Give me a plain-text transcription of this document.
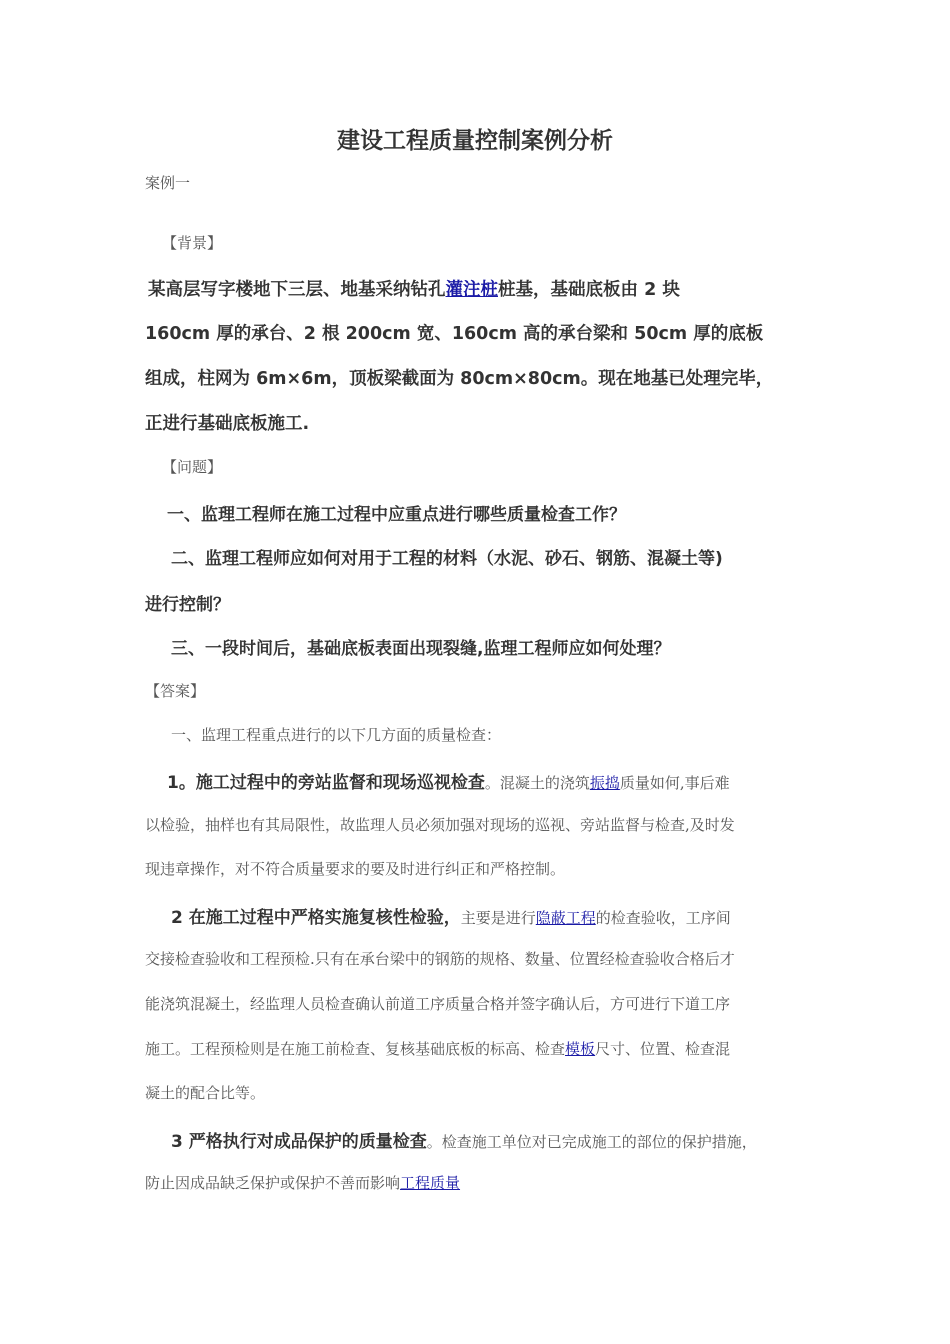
建设工程质量控制案例分析
案例一
【背景】
某高层写字楼地下三层、地基采纳钻孔灌注桩桩基，基础底板由 2 块
160cm 厚的承台、2 根 200cm 宽、160cm 高的承台梁和 50cm 厚的底板
组成，柱网为 6m×6m，顶板梁截面为 80cm×80cm。现在地基已处理完毕，
正进行基础底板施工.
【问题】
一、监理工程师在施工过程中应重点进行哪些质量检查工作？
二、监理工程师应如何对用于工程的材料（水泥、砂石、钢筋、混凝土等)
进行控制？
三、一段时间后，基础底板表面出现裂缝,监理工程师应如何处理？
【答案】
一、监理工程重点进行的以下几方面的质量检查：
1。施工过程中的旁站监督和现场巡视检查。混凝土的浇筑振捣质量如何,事后难
以检验，抽样也有其局限性，故监理人员必须加强对现场的巡视、旁站监督与检查,及时发
现违章操作，对不符合质量要求的要及时进行纠正和严格控制。
2 在施工过程中严格实施复核性检验，主要是进行隐蔽工程的检查验收，工序间
交接检查验收和工程预检.只有在承台梁中的钢筋的规格、数量、位置经检查验收合格后才
能浇筑混凝土，经监理人员检查确认前道工序质量合格并签字确认后，方可进行下道工序
施工。工程预检则是在施工前检查、复核基础底板的标高、检查模板尺寸、位置、检查混
凝土的配合比等。
3 严格执行对成品保护的质量检查。检查施工单位对已完成施工的部位的保护措施，
防止因成品缺乏保护或保护不善而影响工程质量
